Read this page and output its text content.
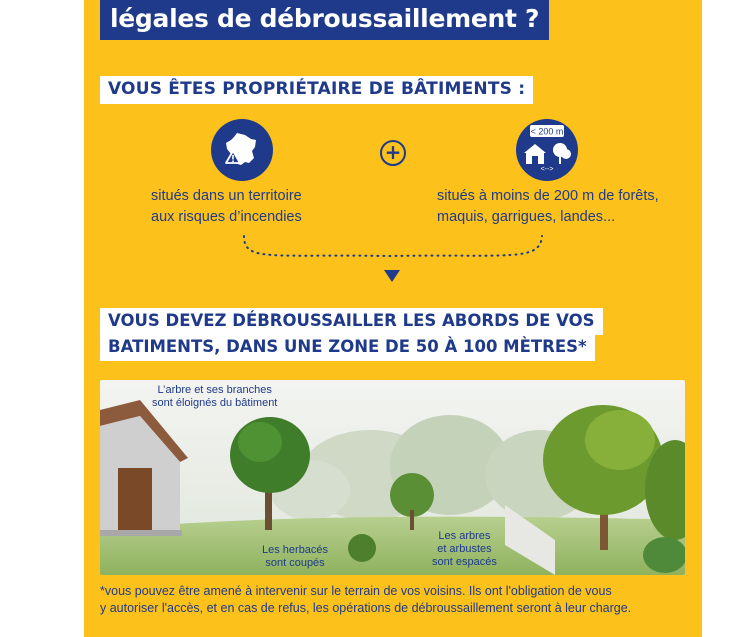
légales de débroussaillement ?
VOUS ÊTES PROPRIÉTAIRE DE BÂTIMENTS :
+
< 200 m
<-->
situés dans un territoire
aux risques d’incendies
situés à moins de 200 m de forêts,
maquis, garrigues, landes...
VOUS DEVEZ DÉBROUSSAILLER LES ABORDS DE VOS
BATIMENTS, DANS UNE ZONE DE 50 À 100 MÈTRES*
L’arbre et ses branches
sont éloignés du bâtiment
Les herbacés
sont coupés
Les arbres
et arbustes
sont espacés
*vous pouvez être amené à intervenir sur le terrain de vos voisins. Ils ont l'obligation de vous
y autoriser l'accès, et en cas de refus, les opérations de débroussaillement seront à leur charge.
